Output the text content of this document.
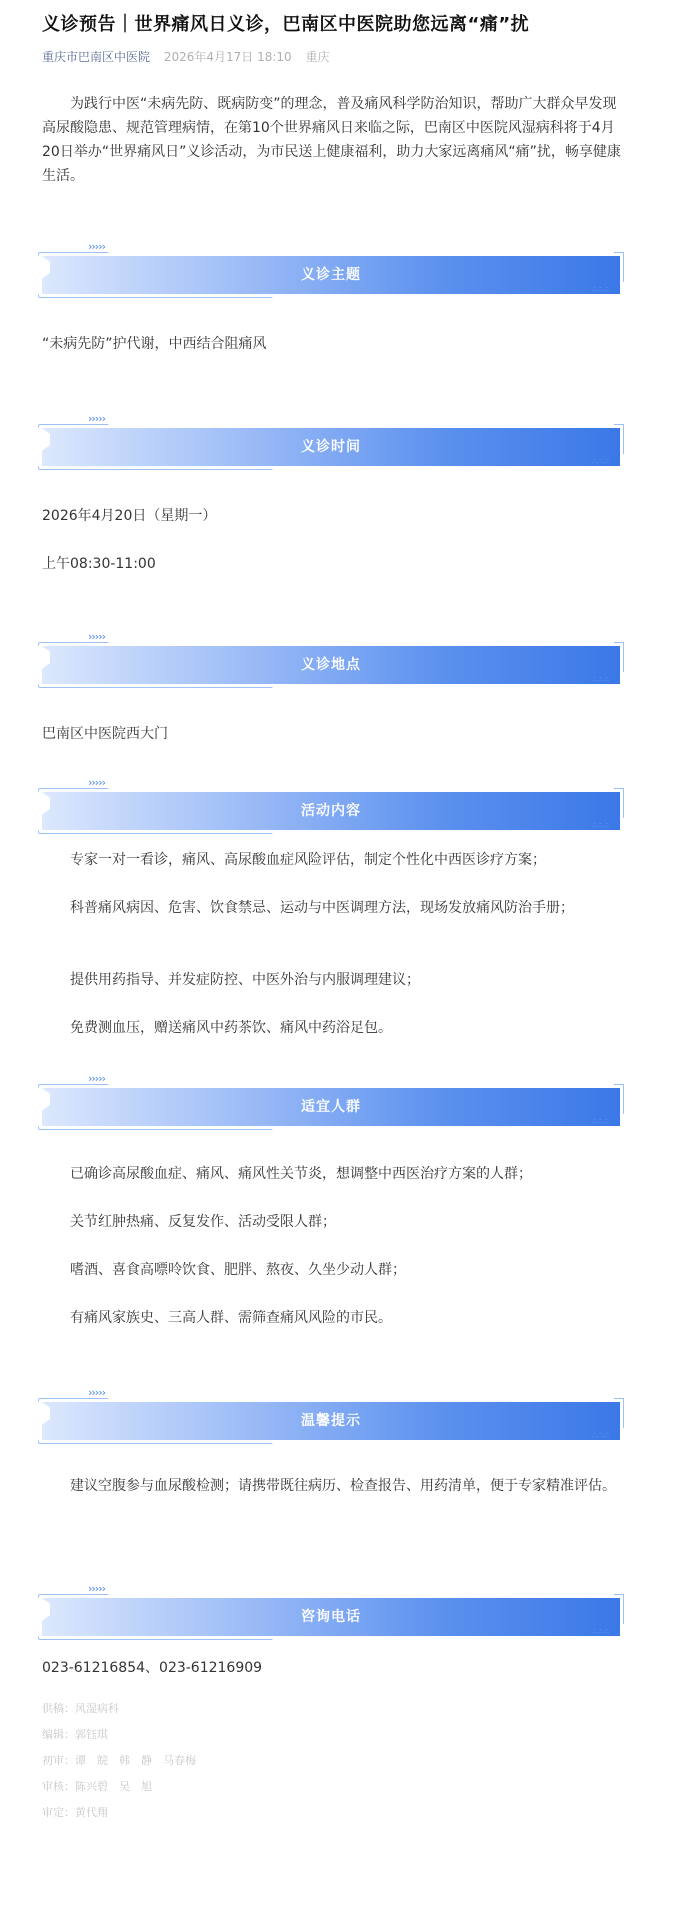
义诊预告｜世界痛风日义诊，巴南区中医院助您远离“痛”扰
重庆市巴南区中医院 2026年4月17日 18:10 重庆
为践行中医“未病先防、既病防变”的理念，普及痛风科学防治知识，帮助广大群众早发现高尿酸隐患、规范管理病情，在第10个世界痛风日来临之际，巴南区中医院风湿病科将于4月20日举办“世界痛风日”义诊活动，为市民送上健康福利，助力大家远离痛风“痛”扰，畅享健康生活。
›››››
义诊主题
∴∴∴
“未病先防”护代谢，中西结合阻痛风
›››››
义诊时间
∴∴∴
2026年4月20日（星期一）
上午08:30-11:00
›››››
义诊地点
∴∴∴
巴南区中医院西大门
›››››
活动内容
∴∴∴
专家一对一看诊，痛风、高尿酸血症风险评估，制定个性化中西医诊疗方案；
科普痛风病因、危害、饮食禁忌、运动与中医调理方法，现场发放痛风防治手册；
提供用药指导、并发症防控、中医外治与内服调理建议；
免费测血压，赠送痛风中药茶饮、痛风中药浴足包。
›››››
适宜人群
∴∴∴
已确诊高尿酸血症、痛风、痛风性关节炎，想调整中西医治疗方案的人群；
关节红肿热痛、反复发作、活动受限人群；
嗜酒、喜食高嘌呤饮食、肥胖、熬夜、久坐少动人群；
有痛风家族史、三高人群、需筛查痛风风险的市民。
›››››
温馨提示
∴∴∴
建议空腹参与血尿酸检测；请携带既往病历、检查报告、用药清单，便于专家精准评估。
›››››
咨询电话
∴∴∴
023-61216854、023-61216909
供稿：风湿病科
编辑：郭钰琪
初审：谭　皖　韩　静　马春梅
审核：陈兴碧　吴　旭
审定：黄代翔
